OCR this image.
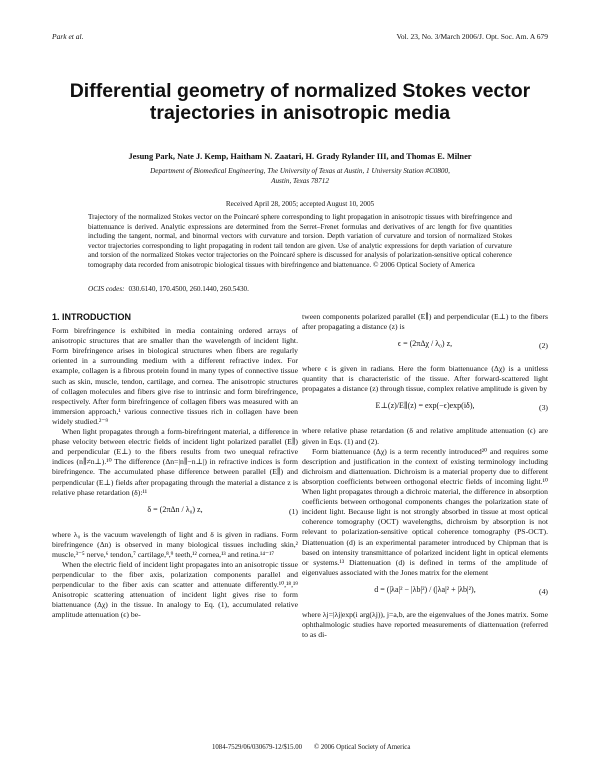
Park et al.	Vol. 23, No. 3/March 2006/J. Opt. Soc. Am. A 679
Differential geometry of normalized Stokes vector
trajectories in anisotropic media
Jesung Park, Nate J. Kemp, Haitham N. Zaatari, H. Grady Rylander III, and Thomas E. Milner
Department of Biomedical Engineering, The University of Texas at Austin, 1 University Station #C0800,
Austin, Texas 78712
Received April 28, 2005; accepted August 10, 2005
Trajectory of the normalized Stokes vector on the Poincaré sphere corresponding to light propagation in anisotropic tissues with birefringence and biattenuance is derived. Analytic expressions are determined from the Serret–Frenet formulas and derivatives of arc length for five quantities including the tangent, normal, and binormal vectors with curvature and torsion. Depth variation of curvature and torsion of normalized Stokes vector trajectories corresponding to light propagating in rodent tail tendon are given. Use of analytic expressions for depth variation of curvature and torsion of the normalized Stokes vector trajectories on the Poincaré sphere is discussed for analysis of polarization-sensitive optical coherence tomography data recorded from anisotropic biological tissues with birefringence and biattenuance. © 2006 Optical Society of America
OCIS codes: 030.6140, 170.4500, 260.1440, 260.5430.
1. INTRODUCTION

Form birefringence is exhibited in media containing ordered arrays of anisotropic structures that are smaller than the wavelength of incident light. Form birefringence arises in biological structures when fibers are regularly oriented in a surrounding medium with a different refractive index. For example, collagen is a fibrous protein found in many types of connective tissue such as skin, muscle, tendon, cartilage, and cornea. The anisotropic structures of collagen molecules and fibers give rise to intrinsic and form birefringence, respectively. After form birefringence of collagen fibers was measured with an immersion approach,¹ various connective tissues rich in collagen have been widely studied.²⁻⁹

When light propagates through a form-birefringent material, a difference in phase velocity between electric fields of incident light polarized parallel (E∥) and perpendicular (E⊥) to the fibers results from two unequal refractive indices (n∥≠n⊥).¹⁰ The difference (Δn=|n∥−n⊥|) in refractive indices is form birefringence. The accumulated phase difference between parallel (E∥) and perpendicular (E⊥) fields after propagating through the material a distance z is relative phase retardation (δ):¹¹

δ = (2πΔn / λ₀) z,	(1)

where λ₀ is the vacuum wavelength of light and δ is given in radians. Form birefringence (Δn) is observed in many biological tissues including skin,² muscle,³⁻⁵ nerve,⁶ tendon,⁷ cartilage,⁸,⁹ teeth,¹² cornea,¹³ and retina.¹⁴⁻¹⁷

When the electric field of incident light propagates into an anisotropic tissue perpendicular to the fiber axis, polarization components parallel and perpendicular to the fiber axis can scatter and attenuate differently.¹⁰,¹⁸,¹⁹ Anisotropic scattering attenuation of incident light gives rise to form biattenuance (Δχ) in the tissue. In analogy to Eq. (1), accumulated relative amplitude attenuation (ϵ) be-

tween components polarized parallel (E∥) and perpendicular (E⊥) to the fibers after propagating a distance (z) is

ϵ = (2πΔχ / λ₀) z,	(2)

where ϵ is given in radians. Here the form biattenuance (Δχ) is a unitless quantity that is characteristic of the tissue. After forward-scattered light propagates a distance (z) through tissue, complex relative amplitude is given by

E⊥(z)/E∥(z) = exp(−ϵ)exp(iδ),	(3)

where relative phase retardation (δ and relative amplitude attenuation (ϵ) are given in Eqs. (1) and (2).

Form biattenuance (Δχ) is a term recently introduced²⁰ and requires some description and justification in the context of existing terminology including dichroism and diattenuation. Dichroism is a material property due to different absorption coefficients between orthogonal electric fields of incoming light.¹⁰ When light propagates through a dichroic material, the difference in absorption coefficients between orthogonal components changes the polarization state of incident light. Because light is not strongly absorbed in tissue at most optical coherence tomography (OCT) wavelengths, dichroism by absorption is not relevant to polarization-sensitive optical coherence tomography (PS-OCT). Diattenuation (d) is an experimental parameter introduced by Chipman that is based on intensity transmittance of polarized incident light in optical elements or systems.¹³ Diattenuation (d) is defined in terms of the amplitude of eigenvalues associated with the Jones matrix for the element

d = (|λa|² − |λb|²) / (|λa|² + |λb|²),	(4)

where λj=|λj|exp(i arg(λj)), j=a,b, are the eigenvalues of the Jones matrix. Some ophthalmologic studies have reported measurements of diattenuation (referred to as di-

1084-7529/06/030679-12/$15.00 © 2006 Optical Society of America
